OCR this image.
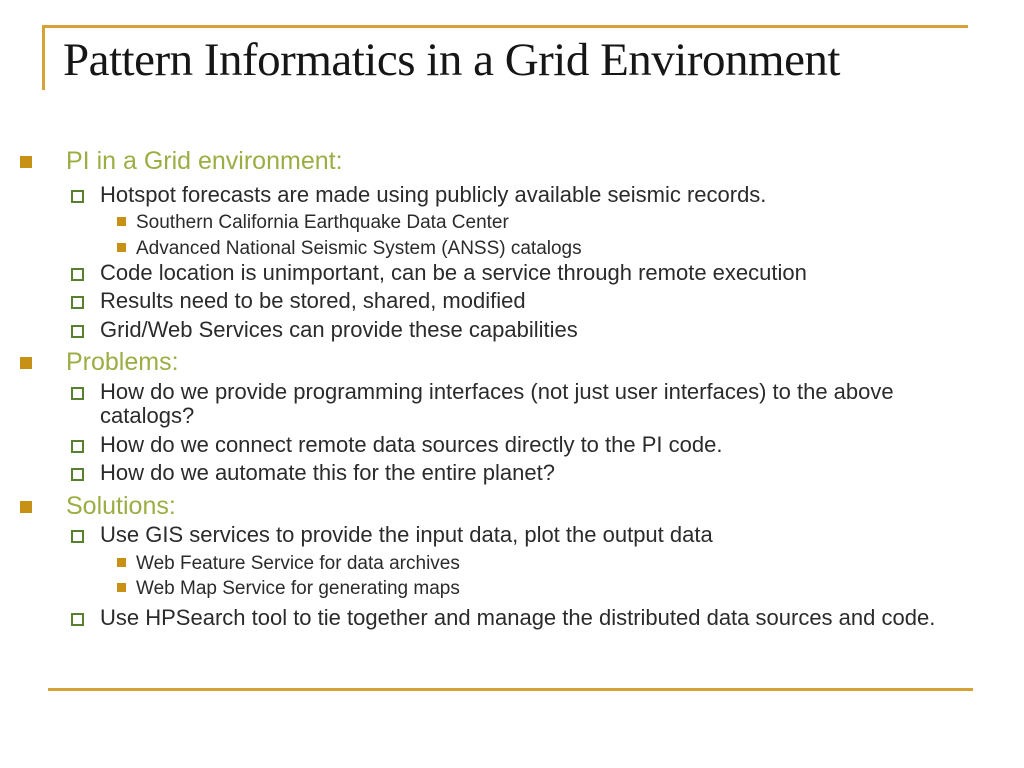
Pattern Informatics in a Grid Environment
PI in a Grid environment:
Hotspot forecasts are made using publicly available seismic records.
Southern California Earthquake Data Center
Advanced National Seismic System (ANSS) catalogs
Code location is unimportant, can be a service through remote execution
Results need to be stored, shared, modified
Grid/Web Services can provide these capabilities
Problems:
How do we provide programming interfaces (not just user interfaces) to the above catalogs?
How do we connect remote data sources directly to the PI code.
How do we automate this for the entire planet?
Solutions:
Use GIS services to provide the input data, plot the output data
Web Feature Service for data archives
Web Map Service for generating maps
Use HPSearch tool to tie together and manage the distributed data sources and code.
